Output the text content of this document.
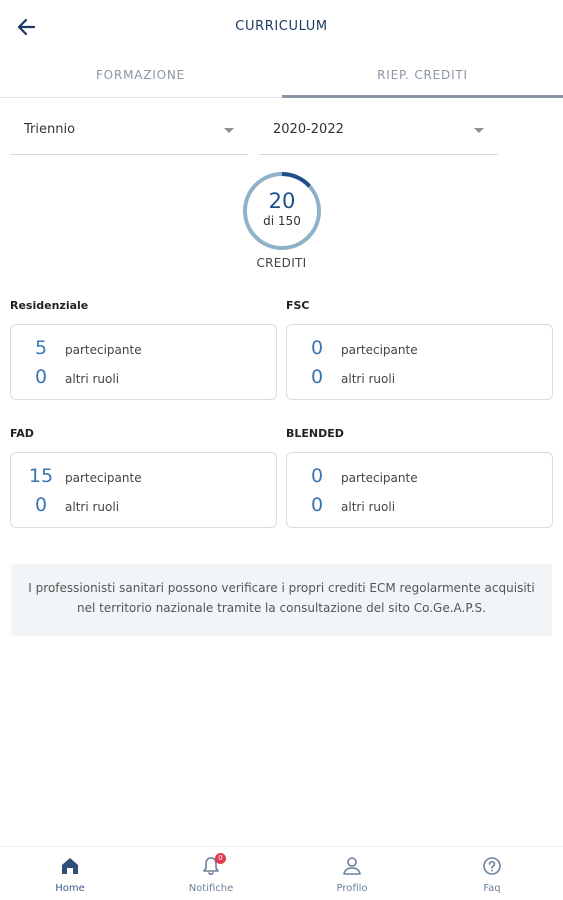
CURRICULUM
FORMAZIONE	RIEP. CREDITI
Triennio	2020-2022
20
di 150
CREDITI
Residenziale
5	partecipante
0	altri ruoli
FSC
0	partecipante
0	altri ruoli
FAD
15 partecipante
0	altri ruoli
BLENDED
0	partecipante
0	altri ruoli
I professionisti sanitari possono verificare i propri crediti ECM regolarmente acquisiti nel territorio nazionale tramite la consultazione del sito Co.Ge.A.P.S.
Home
0
Notifiche	Profilo	Faq
